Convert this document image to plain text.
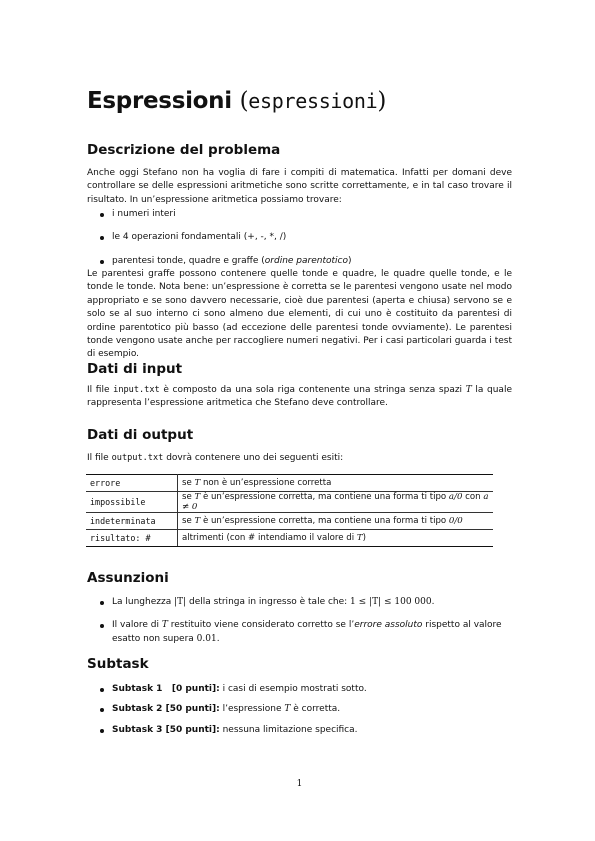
Espressioni (espressioni)
Descrizione del problema

Anche oggi Stefano non ha voglia di fare i compiti di matematica. Infatti per domani deve controllare se delle espressioni aritmetiche sono scritte correttamente, e in tal caso trovare il risultato. In un’espressione aritmetica possiamo trovare:

i numeri interi
le 4 operazioni fondamentali (+, -, *, /)
parentesi tonde, quadre e graffe (ordine parentotico)

Le parentesi graffe possono contenere quelle tonde e quadre, le quadre quelle tonde, e le tonde le tonde. Nota bene: un’espressione è corretta se le parentesi vengono usate nel modo appropriato e se sono davvero necessarie, cioè due parentesi (aperta e chiusa) servono se e solo se al suo interno ci sono almeno due elementi, di cui uno è costituito da parentesi di ordine parentotico più basso (ad eccezione delle parentesi tonde ovviamente). Le parentesi tonde vengono usate anche per raccogliere numeri negativi. Per i casi particolari guarda i test di esempio.

Dati di input

Il file input.txt è composto da una sola riga contenente una stringa senza spazi T la quale rappresenta l’espressione aritmetica che Stefano deve controllare.

Dati di output

Il file output.txt dovrà contenere uno dei seguenti esiti:

errore	se T non è un’espressione corretta
impossibile	se T è un’espressione corretta, ma contiene una forma ti tipo a/0 con a ≠ 0
indeterminata	se T è un’espressione corretta, ma contiene una forma ti tipo 0/0
risultato: #	altrimenti (con # intendiamo il valore di T)
Assunzioni
La lunghezza |T| della stringa in ingresso è tale che: 1 ≤ |T| ≤ 100 000.
Il valore di T restituito viene considerato corretto se l’errore assoluto rispetto al valore esatto non supera 0.01.
Subtask
Subtask 1   [0 punti]: i casi di esempio mostrati sotto.
Subtask 2 [50 punti]: l’espressione T è corretta.
Subtask 3 [50 punti]: nessuna limitazione specifica.
1
